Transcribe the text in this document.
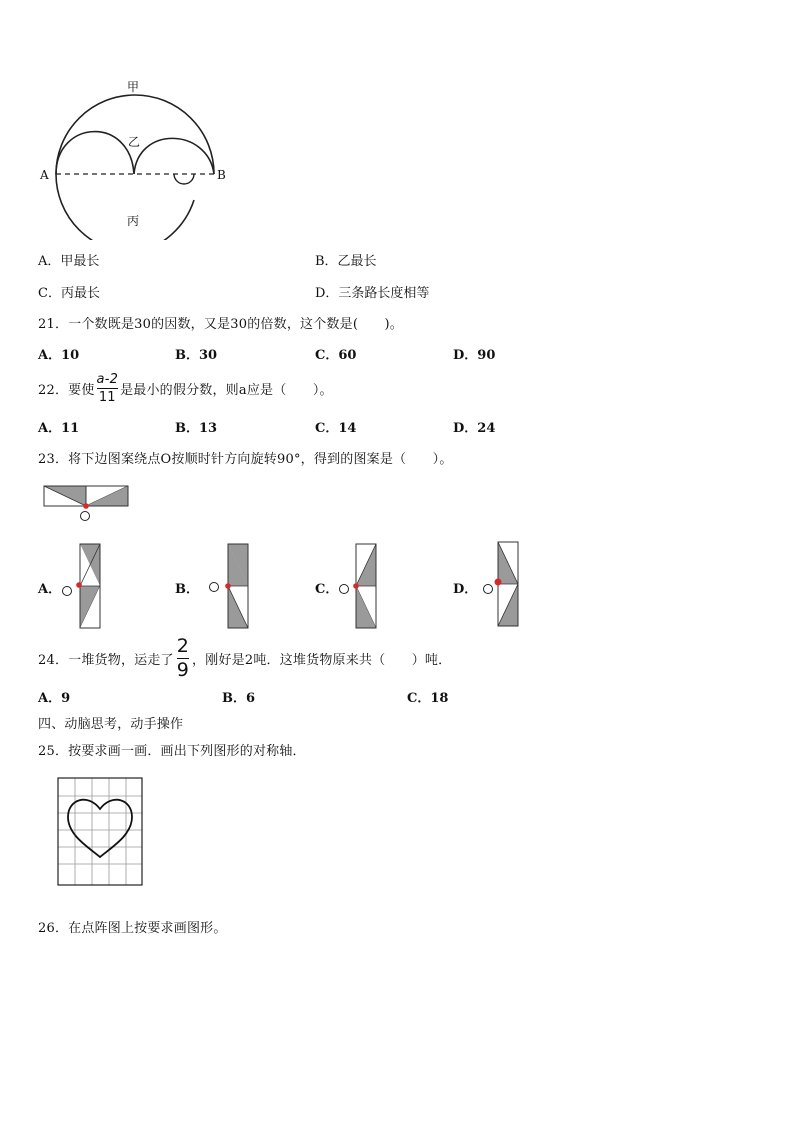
甲
乙
丙
A	B
A．甲最长	B．乙最长
C．丙最长	D．三条路长度相等
21．一个数既是30的因数，又是30的倍数，这个数是(　　)。
A．10	B．30	C．60	D．90
22．要使 $\frac{a-2}{11}$ 是最小的假分数，则a应是（　　）。
A．11	B．13	C．14	D．24
23．将下边图案绕点O按顺时针方向旋转90°，得到的图案是（　　）。
A．	B．	C．	D．
24．一堆货物，运走了 $\frac{2}{9}$ ，刚好是2吨．这堆货物原来共（　　）吨．
A．9	B．6	C．18
四、动脑思考，动手操作
25．按要求画一画．画出下列图形的对称轴．
26．在点阵图上按要求画图形。
